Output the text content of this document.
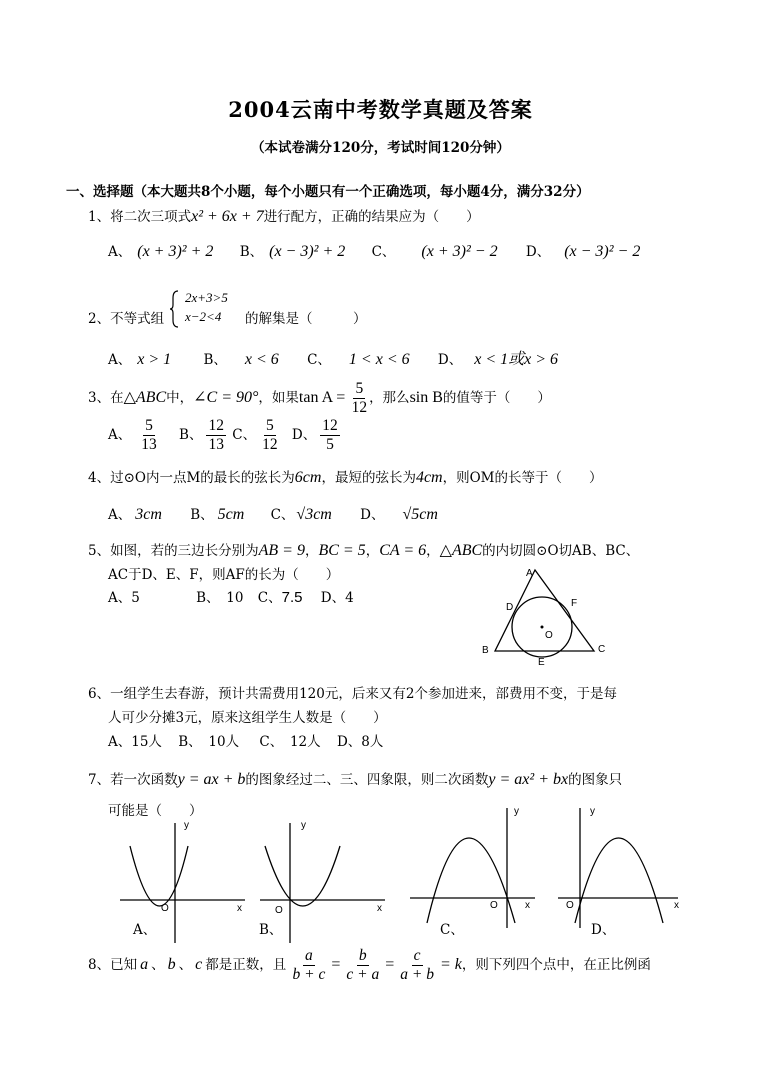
2004云南中考数学真题及答案
（本试卷满分120分，考试时间120分钟）
一、选择题（本大题共8个小题，每个小题只有一个正确选项，每小题4分，满分32分）
1、将二次三项式x² + 6x + 7进行配方，正确的结果应为（　　）
A、 (x + 3)² + 2 B、 (x − 3)² + 2 C、 (x + 3)² − 2 D、 (x − 3)² − 2
2、不等式组
2x+3>5
x−2<4 的解集是（　　　）
A、 x > 1 B、 x < 6 C、 1 < x < 6 D、 x < 1或x > 6
3、在△ABC中，∠C = 90°，如果$\tan A = \frac{5}{12}$ ，那么sin B的值等于（　　）
A、 $\frac{5}{13}$ B、 $\frac{12}{13}$ C、 $\frac{5}{12}$ D、 $\frac{12}{5}$
4、过⊙O内一点M的最长的弦长为6cm，最短的弦长为4cm，则OM的长等于（　　）
A、 3cm B、 5cm C、 √3cm D、 √5cm
5、如图，若的三边长分别为AB = 9，BC = 5，CA = 6，△ABC的内切圆⊙O切AB、BC、
AC于D、E、F，则AF的长为（　　）
A、5	B、　10 C、7.5 D、4
A
D	F
O
B
E
C
6、一组学生去春游，预计共需费用120元，后来又有2个参加进来，部费用不变，于是每
人可少分摊3元，原来这组学生人数是（　　）
A、15人 B、　10人 C、　12人 D、8人
7、若一次函数y = ax + b的图象经过二、三、四象限，则二次函数y = ax² + bx的图象只
可能是（　　）
y
x
O
A、
y
x
O
B、
y
x
O
C、
y
x
O
D、
8、已知 a 、 b 、 c 都是正数，且 $\frac{a}{b + c} = \frac{b}{c + a} = \frac{c}{a + b} = k$，则下列四个点中，在正比例函
